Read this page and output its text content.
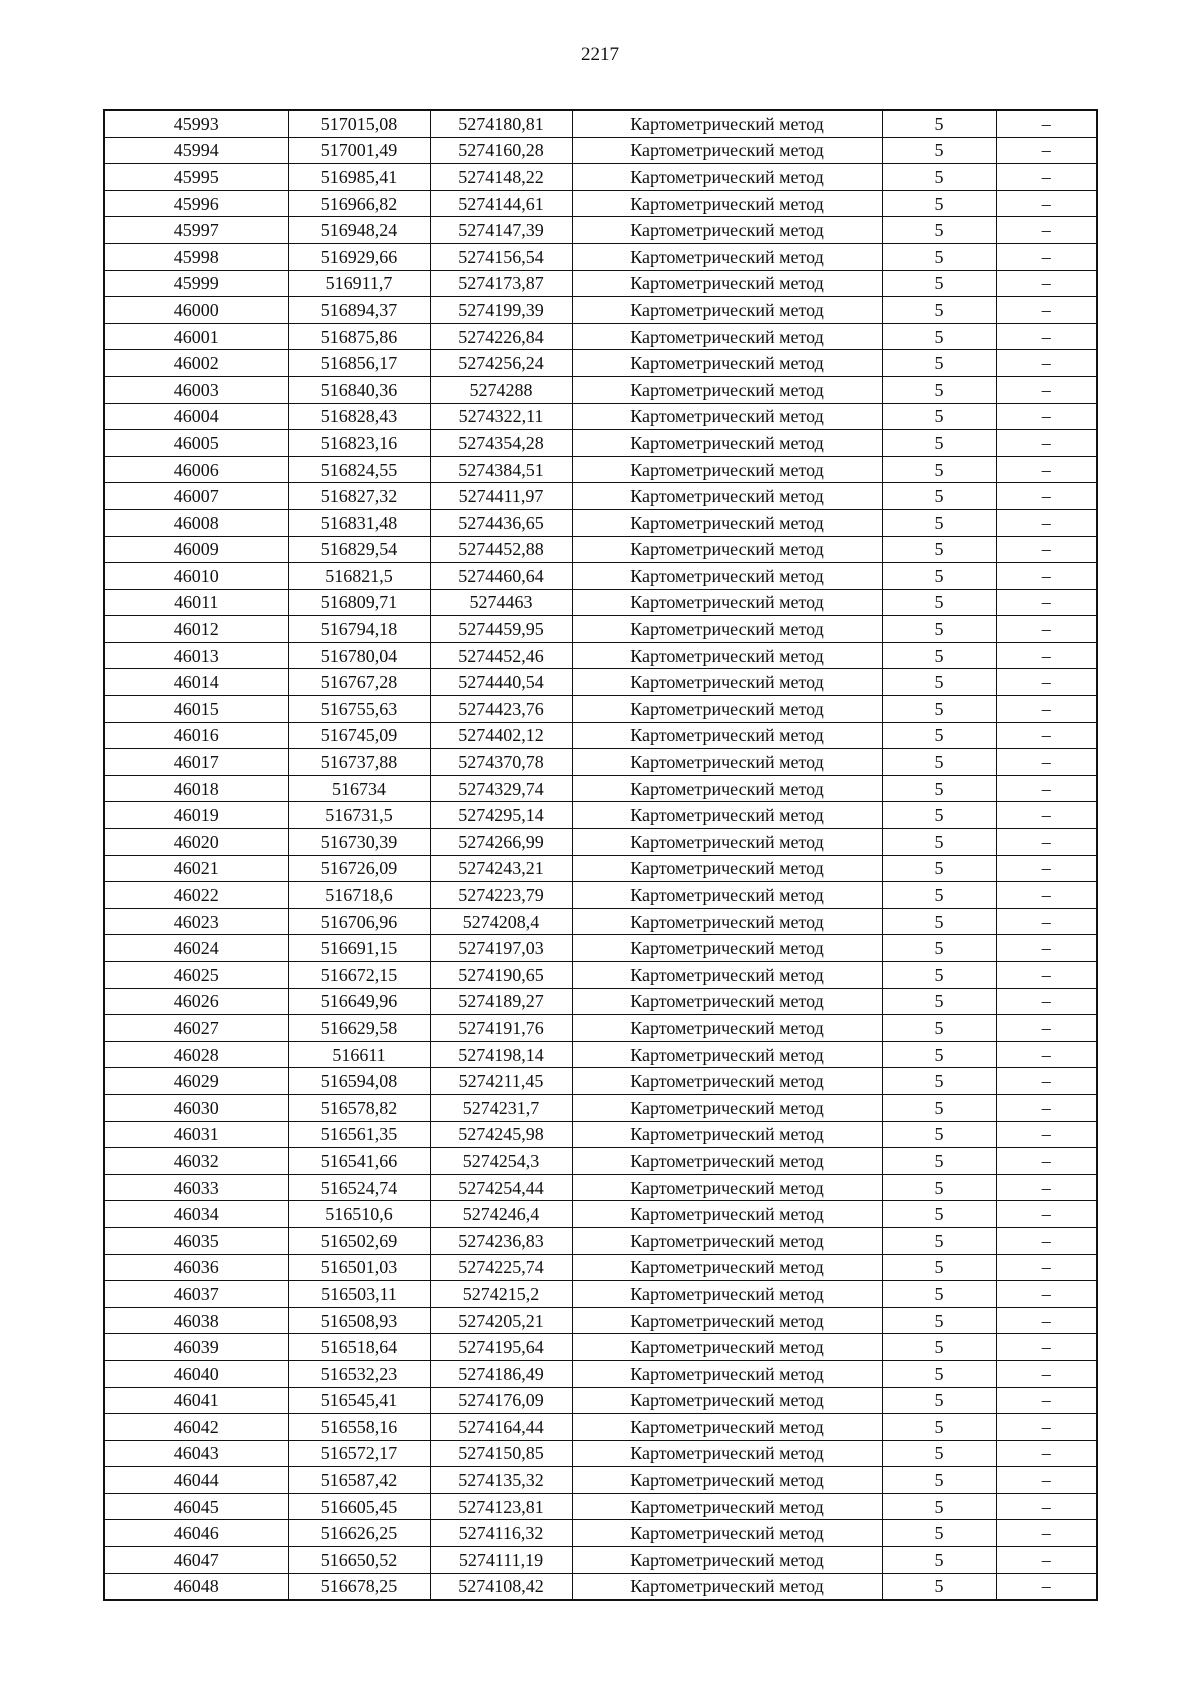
2217
45993	517015,08	5274180,81	Картометрический метод	5	–
45994	517001,49	5274160,28	Картометрический метод	5	–
45995	516985,41	5274148,22	Картометрический метод	5	–
45996	516966,82	5274144,61	Картометрический метод	5	–
45997	516948,24	5274147,39	Картометрический метод	5	–
45998	516929,66	5274156,54	Картометрический метод	5	–
45999	516911,7	5274173,87	Картометрический метод	5	–
46000	516894,37	5274199,39	Картометрический метод	5	–
46001	516875,86	5274226,84	Картометрический метод	5	–
46002	516856,17	5274256,24	Картометрический метод	5	–
46003	516840,36	5274288	Картометрический метод	5	–
46004	516828,43	5274322,11	Картометрический метод	5	–
46005	516823,16	5274354,28	Картометрический метод	5	–
46006	516824,55	5274384,51	Картометрический метод	5	–
46007	516827,32	5274411,97	Картометрический метод	5	–
46008	516831,48	5274436,65	Картометрический метод	5	–
46009	516829,54	5274452,88	Картометрический метод	5	–
46010	516821,5	5274460,64	Картометрический метод	5	–
46011	516809,71	5274463	Картометрический метод	5	–
46012	516794,18	5274459,95	Картометрический метод	5	–
46013	516780,04	5274452,46	Картометрический метод	5	–
46014	516767,28	5274440,54	Картометрический метод	5	–
46015	516755,63	5274423,76	Картометрический метод	5	–
46016	516745,09	5274402,12	Картометрический метод	5	–
46017	516737,88	5274370,78	Картометрический метод	5	–
46018	516734	5274329,74	Картометрический метод	5	–
46019	516731,5	5274295,14	Картометрический метод	5	–
46020	516730,39	5274266,99	Картометрический метод	5	–
46021	516726,09	5274243,21	Картометрический метод	5	–
46022	516718,6	5274223,79	Картометрический метод	5	–
46023	516706,96	5274208,4	Картометрический метод	5	–
46024	516691,15	5274197,03	Картометрический метод	5	–
46025	516672,15	5274190,65	Картометрический метод	5	–
46026	516649,96	5274189,27	Картометрический метод	5	–
46027	516629,58	5274191,76	Картометрический метод	5	–
46028	516611	5274198,14	Картометрический метод	5	–
46029	516594,08	5274211,45	Картометрический метод	5	–
46030	516578,82	5274231,7	Картометрический метод	5	–
46031	516561,35	5274245,98	Картометрический метод	5	–
46032	516541,66	5274254,3	Картометрический метод	5	–
46033	516524,74	5274254,44	Картометрический метод	5	–
46034	516510,6	5274246,4	Картометрический метод	5	–
46035	516502,69	5274236,83	Картометрический метод	5	–
46036	516501,03	5274225,74	Картометрический метод	5	–
46037	516503,11	5274215,2	Картометрический метод	5	–
46038	516508,93	5274205,21	Картометрический метод	5	–
46039	516518,64	5274195,64	Картометрический метод	5	–
46040	516532,23	5274186,49	Картометрический метод	5	–
46041	516545,41	5274176,09	Картометрический метод	5	–
46042	516558,16	5274164,44	Картометрический метод	5	–
46043	516572,17	5274150,85	Картометрический метод	5	–
46044	516587,42	5274135,32	Картометрический метод	5	–
46045	516605,45	5274123,81	Картометрический метод	5	–
46046	516626,25	5274116,32	Картометрический метод	5	–
46047	516650,52	5274111,19	Картометрический метод	5	–
46048	516678,25	5274108,42	Картометрический метод	5	–
